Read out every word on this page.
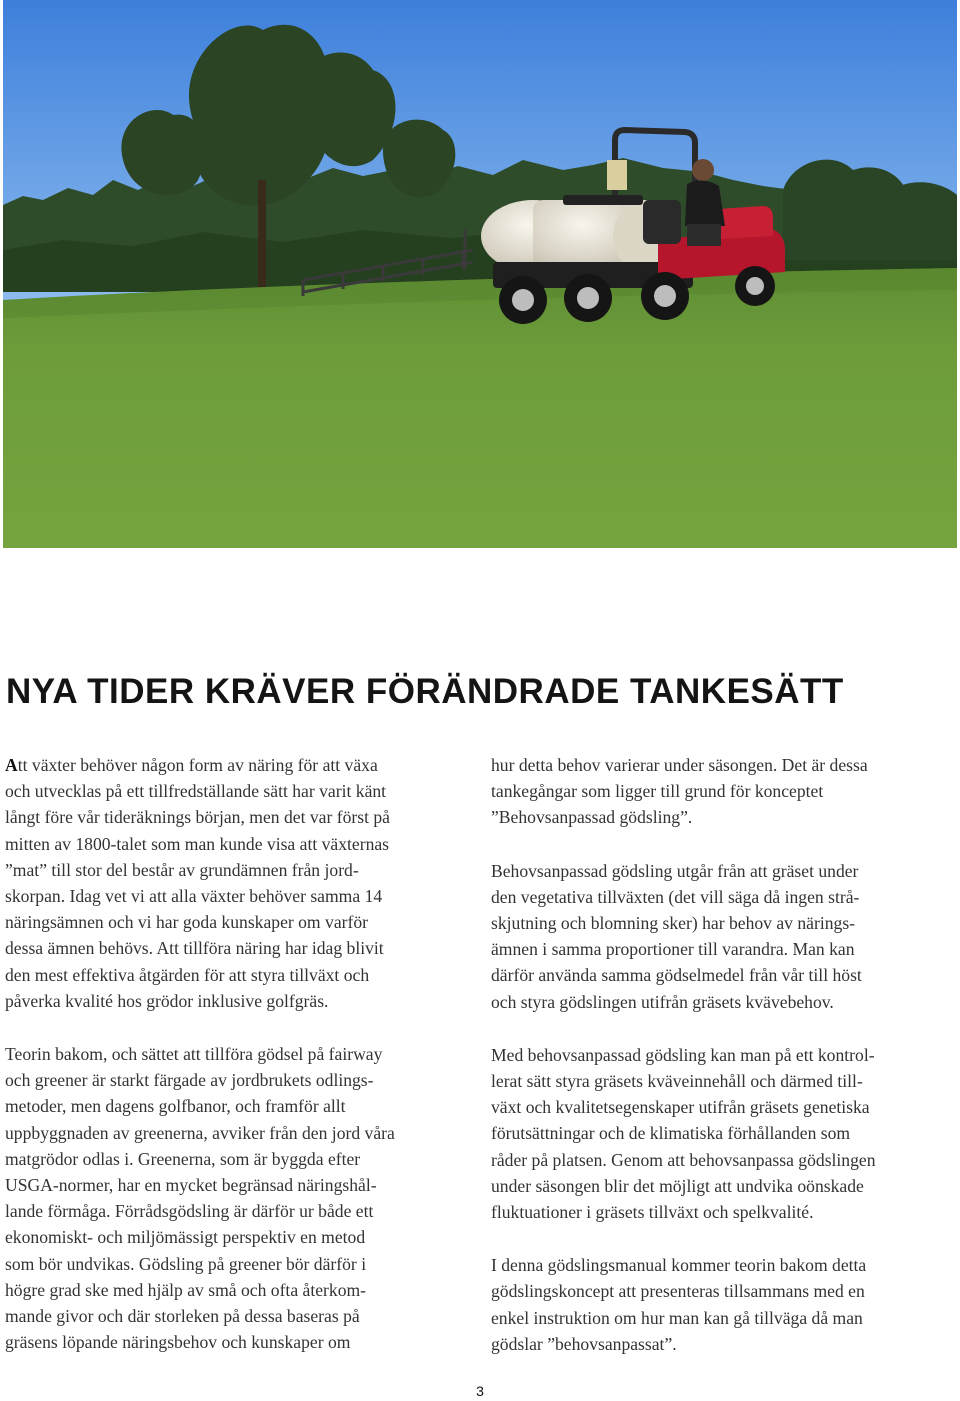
NYA TIDER KRÄVER FÖRÄNDRADE TANKESÄTT

Att växter behöver någon form av näring för att växa
och utvecklas på ett tillfredställande sätt har varit känt
långt före vår tideräknings början, men det var först på
mitten av 1800-talet som man kunde visa att växternas
”mat” till stor del består av grundämnen från jord-
skorpan. Idag vet vi att alla växter behöver samma 14
näringsämnen och vi har goda kunskaper om varför
dessa ämnen behövs. Att tillföra näring har idag blivit
den mest effektiva åtgärden för att styra tillväxt och
påverka kvalité hos grödor inklusive golfgräs.

Teorin bakom, och sättet att tillföra gödsel på fairway
och greener är starkt färgade av jordbrukets odlings-
metoder, men dagens golfbanor, och framför allt
uppbyggnaden av greenerna, avviker från den jord våra
matgrödor odlas i. Greenerna, som är byggda efter
USGA-normer, har en mycket begränsad näringshål-
lande förmåga. Förrådsgödsling är därför ur både ett
ekonomiskt- och miljömässigt perspektiv en metod
som bör undvikas. Gödsling på greener bör därför i
högre grad ske med hjälp av små och ofta återkom-
mande givor och där storleken på dessa baseras på
gräsens löpande näringsbehov och kunskaper om

hur detta behov varierar under säsongen. Det är dessa
tankegångar som ligger till grund för konceptet
”Behovsanpassad gödsling”.

Behovsanpassad gödsling utgår från att gräset under
den vegetativa tillväxten (det vill säga då ingen strå-
skjutning och blomning sker) har behov av närings-
ämnen i samma proportioner till varandra. Man kan
därför använda samma gödselmedel från vår till höst
och styra gödslingen utifrån gräsets kvävebehov.

Med behovsanpassad gödsling kan man på ett kontrol-
lerat sätt styra gräsets kväveinnehåll och därmed till-
växt och kvalitetsegenskaper utifrån gräsets genetiska
förutsättningar och de klimatiska förhållanden som
råder på platsen. Genom att behovsanpassa gödslingen
under säsongen blir det möjligt att undvika oönskade
fluktuationer i gräsets tillväxt och spelkvalité.

I denna gödslingsmanual kommer teorin bakom detta
gödslingskoncept att presenteras tillsammans med en
enkel instruktion om hur man kan gå tillväga då man
gödslar ”behovsanpassat”.

3
